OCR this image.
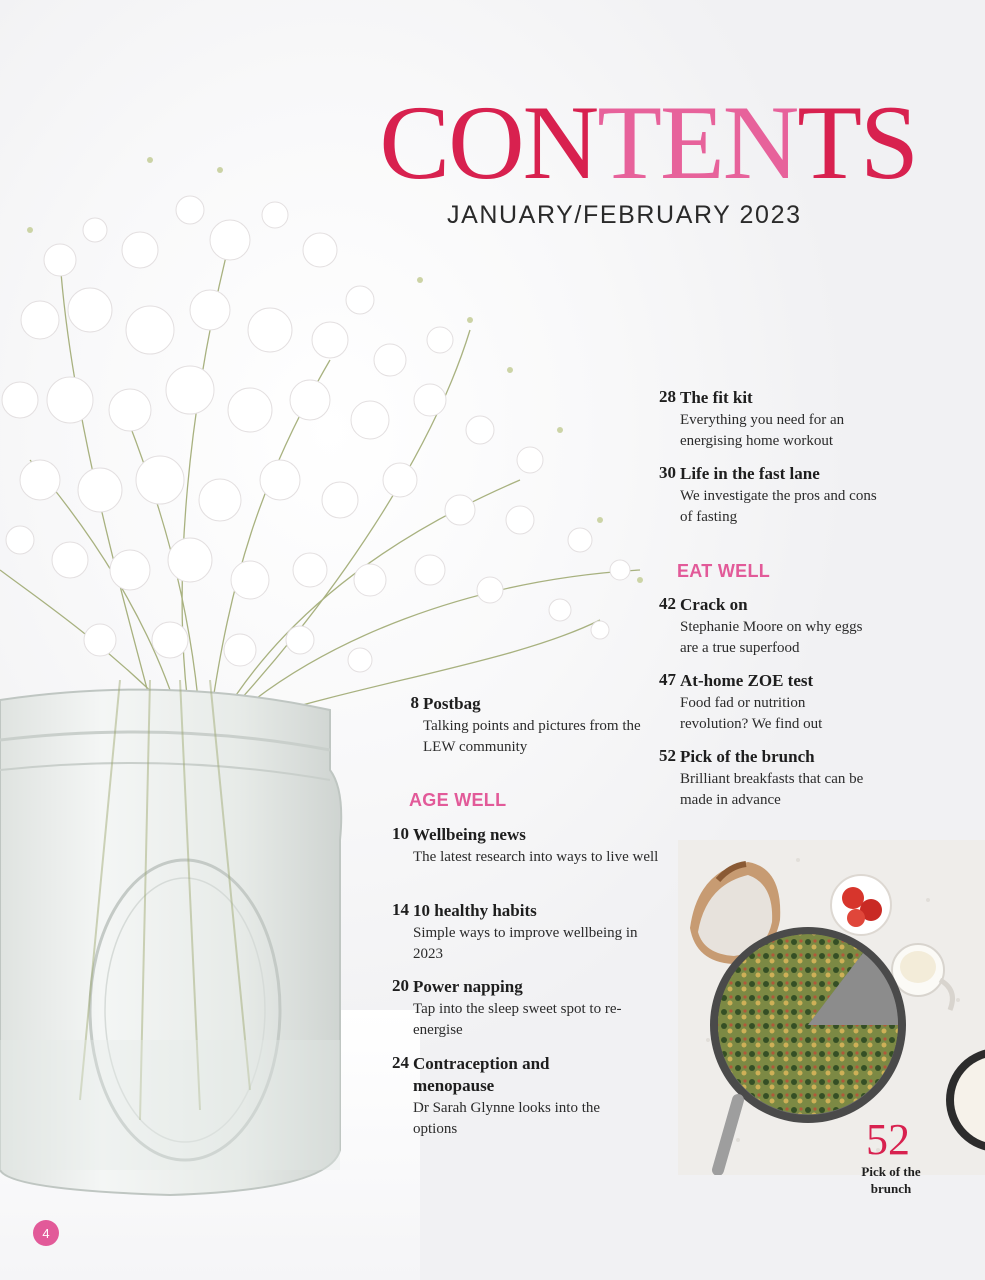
CONTENTS
JANUARY/FEBRUARY 2023
8 Postbag
Talking points and pictures from the LEW community
AGE WELL
10 Wellbeing news
The latest research into ways to live well
14 10 healthy habits
Simple ways to improve wellbeing in 2023
20 Power napping
Tap into the sleep sweet spot to re-energise
24 Contraception and menopause
Dr Sarah Glynne looks into the options
28 The fit kit
Everything you need for an energising home workout
30 Life in the fast lane
We investigate the pros and cons of fasting
EAT WELL
42 Crack on
Stephanie Moore on why eggs are a true superfood
47 At-home ZOE test
Food fad or nutrition revolution? We find out
52 Pick of the brunch
Brilliant breakfasts that can be made in advance

52

Pick of the brunch

4
